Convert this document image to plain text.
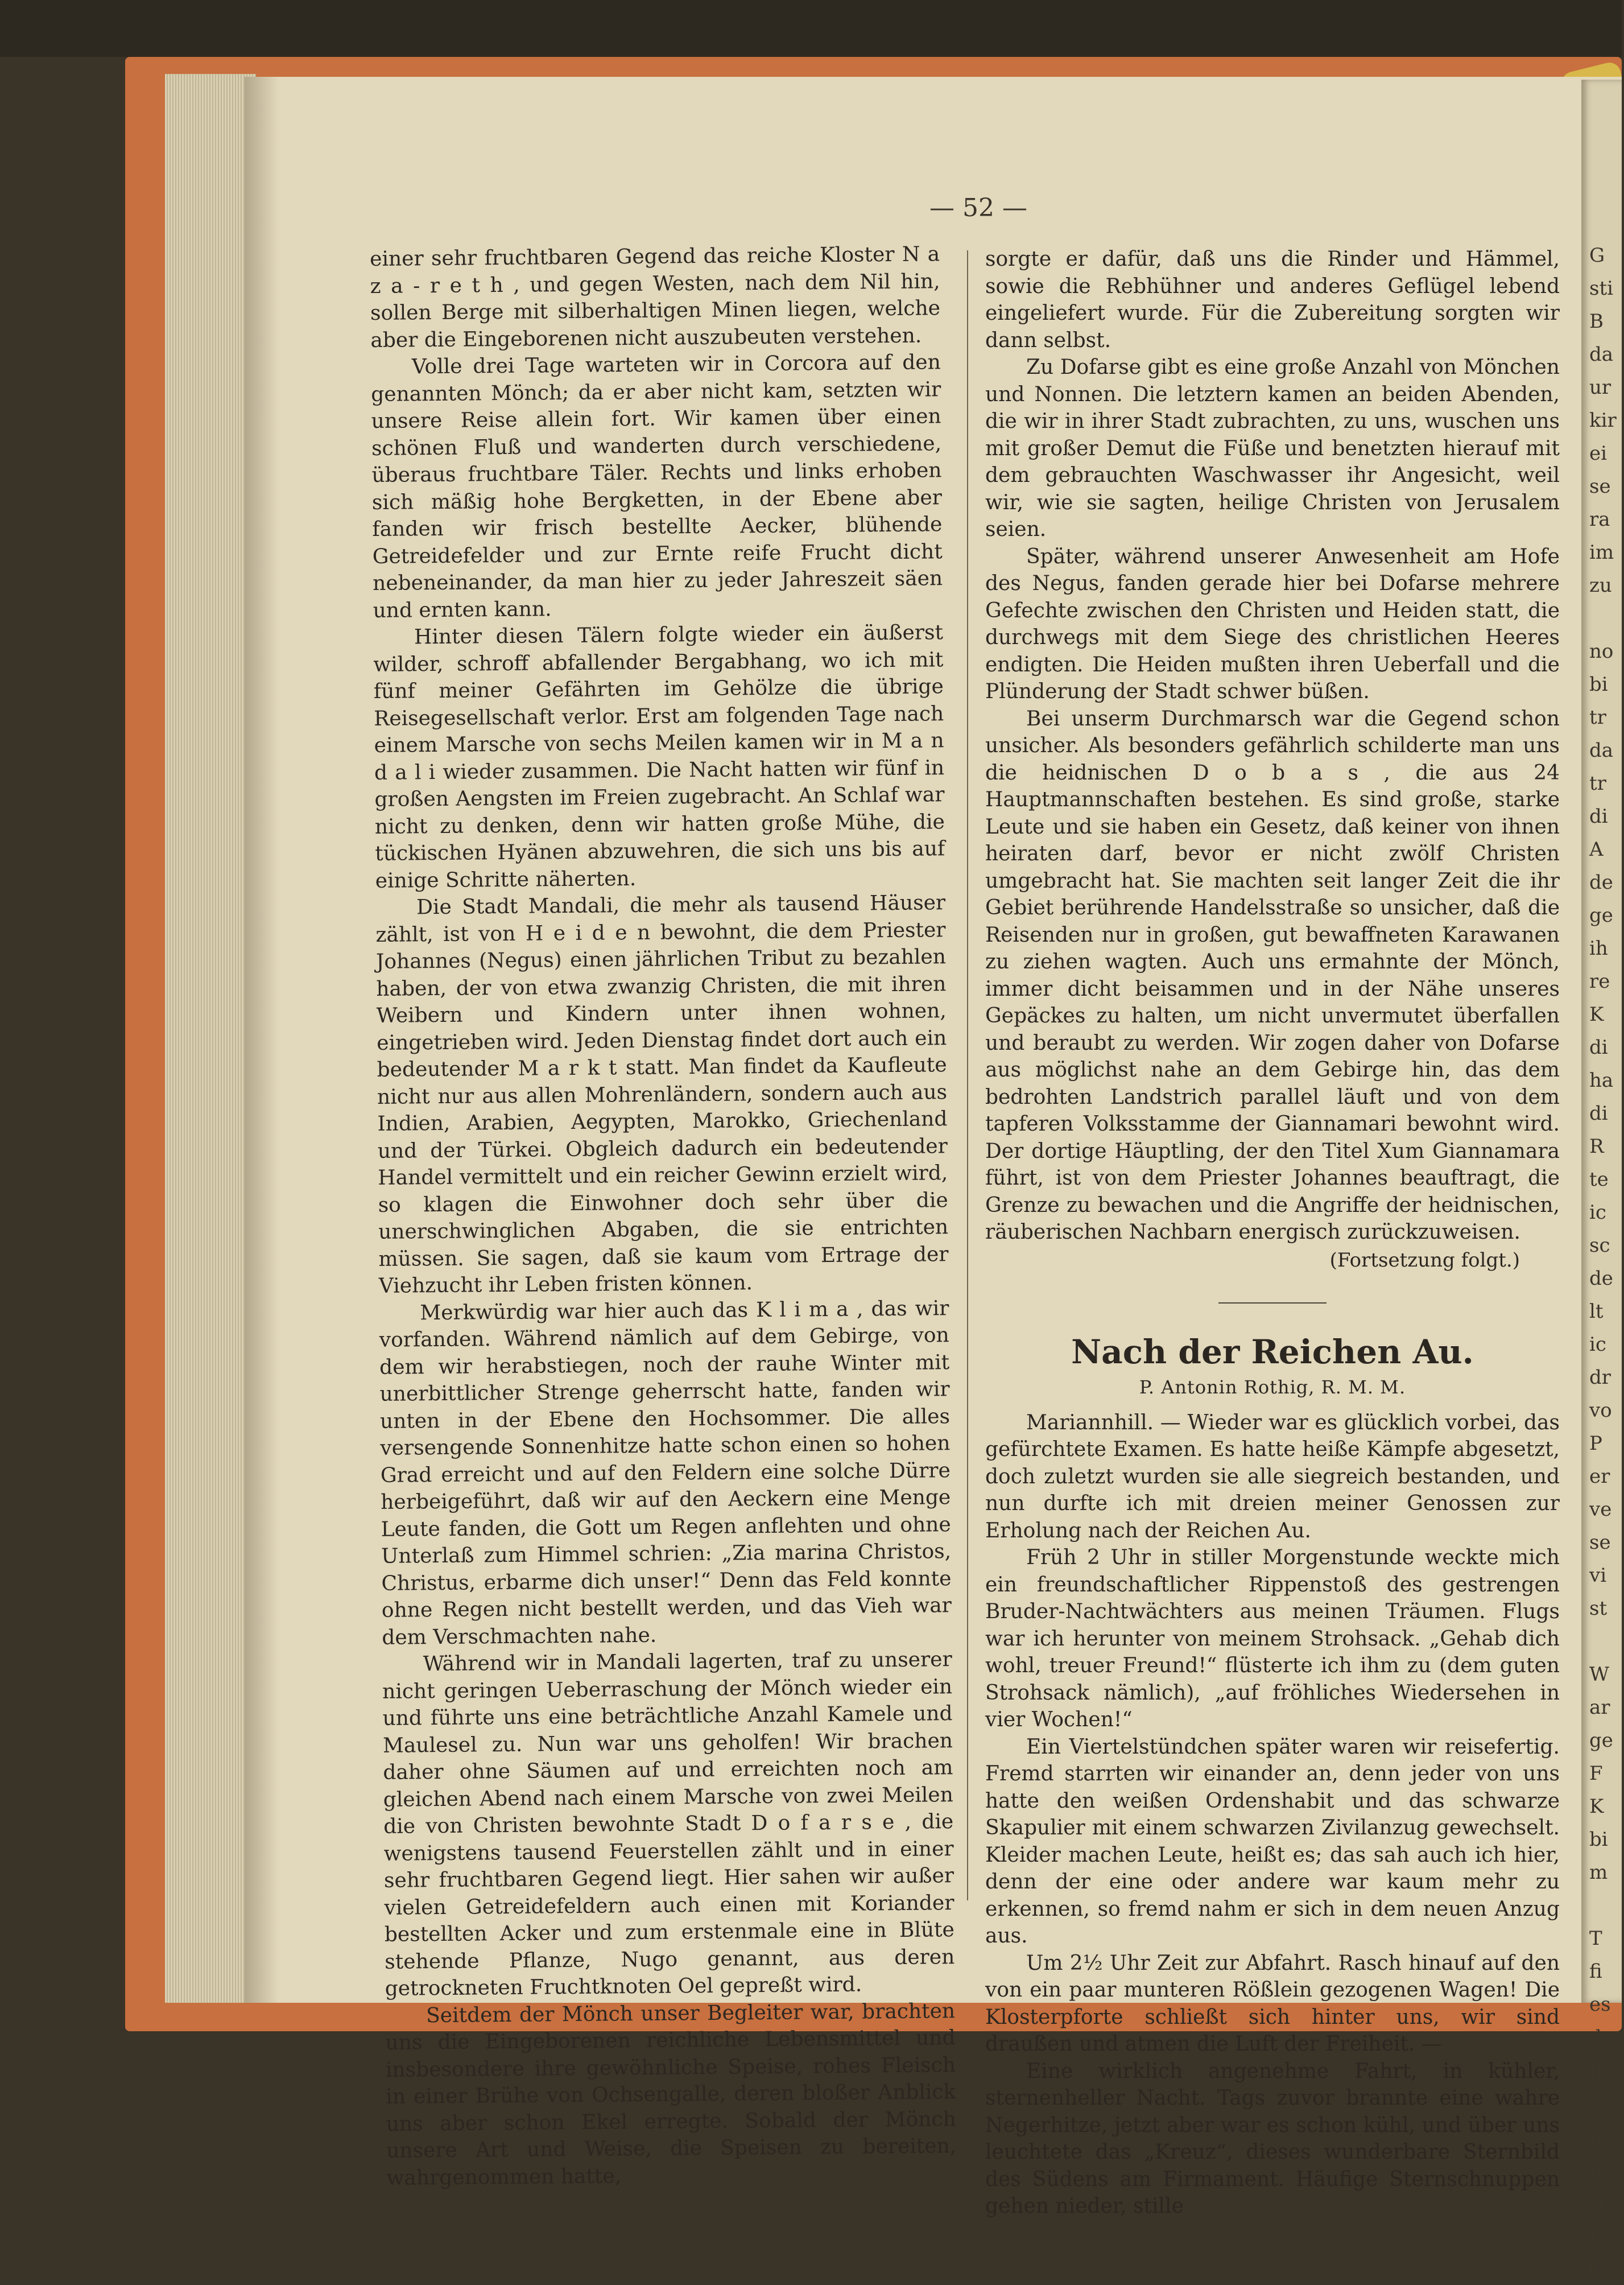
G
sti
B
da
ur
kir
ei
se
ra
im
zu

no
bi
tr
da
tr
di
A
de
ge
ih
re
K
di
ha
di
R
te
ic
sc
de
lt
ic
dr
vo
P
er
ve
se
vi
st

W
ar
ge
F
K
bi
m

T
fi
es
d
fi
se
u
p
G
F
d
— 52 —

einer sehr fruchtbaren Gegend das reiche Kloster N a z a - r e t h , und gegen Westen, nach dem Nil hin, sollen Berge mit silberhaltigen Minen liegen, welche aber die Eingeborenen nicht auszubeuten verstehen.

Volle drei Tage warteten wir in Corcora auf den genannten Mönch; da er aber nicht kam, setzten wir unsere Reise allein fort. Wir kamen über einen schönen Fluß und wanderten durch verschiedene, überaus fruchtbare Täler. Rechts und links erhoben sich mäßig hohe Bergketten, in der Ebene aber fanden wir frisch bestellte Aecker, blühende Getreidefelder und zur Ernte reife Frucht dicht nebeneinander, da man hier zu jeder Jahreszeit säen und ernten kann.

Hinter diesen Tälern folgte wieder ein äußerst wilder, schroff abfallender Bergabhang, wo ich mit fünf meiner Gefährten im Gehölze die übrige Reisegesellschaft verlor. Erst am folgenden Tage nach einem Marsche von sechs Meilen kamen wir in M a n d a l i wieder zusammen. Die Nacht hatten wir fünf in großen Aengsten im Freien zugebracht. An Schlaf war nicht zu denken, denn wir hatten große Mühe, die tückischen Hyänen abzuwehren, die sich uns bis auf einige Schritte näherten.

Die Stadt Mandali, die mehr als tausend Häuser zählt, ist von H e i d e n bewohnt, die dem Priester Johannes (Negus) einen jährlichen Tribut zu bezahlen haben, der von etwa zwanzig Christen, die mit ihren Weibern und Kindern unter ihnen wohnen, eingetrieben wird. Jeden Dienstag findet dort auch ein bedeutender M a r k t statt. Man findet da Kaufleute nicht nur aus allen Mohrenländern, sondern auch aus Indien, Arabien, Aegypten, Marokko, Griechenland und der Türkei. Obgleich dadurch ein bedeutender Handel vermittelt und ein reicher Gewinn erzielt wird, so klagen die Einwohner doch sehr über die unerschwinglichen Abgaben, die sie entrichten müssen. Sie sagen, daß sie kaum vom Ertrage der Viehzucht ihr Leben fristen können.

Merkwürdig war hier auch das K l i m a , das wir vorfanden. Während nämlich auf dem Gebirge, von dem wir herabstiegen, noch der rauhe Winter mit unerbittlicher Strenge geherrscht hatte, fanden wir unten in der Ebene den Hochsommer. Die alles versengende Sonnenhitze hatte schon einen so hohen Grad erreicht und auf den Feldern eine solche Dürre herbeigeführt, daß wir auf den Aeckern eine Menge Leute fanden, die Gott um Regen anflehten und ohne Unterlaß zum Himmel schrien: „Zia marina Christos, Christus, erbarme dich unser!“ Denn das Feld konnte ohne Regen nicht bestellt werden, und das Vieh war dem Verschmachten nahe.

Während wir in Mandali lagerten, traf zu unserer nicht geringen Ueberraschung der Mönch wieder ein und führte uns eine beträchtliche Anzahl Kamele und Maulesel zu. Nun war uns geholfen! Wir brachen daher ohne Säumen auf und erreichten noch am gleichen Abend nach einem Marsche von zwei Meilen die von Christen bewohnte Stadt D o f a r s e , die wenigstens tausend Feuerstellen zählt und in einer sehr fruchtbaren Gegend liegt. Hier sahen wir außer vielen Getreidefeldern auch einen mit Koriander bestellten Acker und zum erstenmale eine in Blüte stehende Pflanze, Nugo genannt, aus deren getrockneten Fruchtknoten Oel gepreßt wird.

Seitdem der Mönch unser Begleiter war, brachten uns die Eingeborenen reichliche Lebensmittel und insbesondere ihre gewöhnliche Speise, rohes Fleisch in einer Brühe von Ochsengalle, deren bloßer Anblick uns aber schon Ekel erregte. Sobald der Mönch unsere Art und Weise, die Speisen zu bereiten, wahrgenommen hatte,

sorgte er dafür, daß uns die Rinder und Hämmel, sowie die Rebhühner und anderes Geflügel lebend eingeliefert wurde. Für die Zubereitung sorgten wir dann selbst.

Zu Dofarse gibt es eine große Anzahl von Mönchen und Nonnen. Die letztern kamen an beiden Abenden, die wir in ihrer Stadt zubrachten, zu uns, wuschen uns mit großer Demut die Füße und benetzten hierauf mit dem gebrauchten Waschwasser ihr Angesicht, weil wir, wie sie sagten, heilige Christen von Jerusalem seien.

Später, während unserer Anwesenheit am Hofe des Negus, fanden gerade hier bei Dofarse mehrere Gefechte zwischen den Christen und Heiden statt, die durchwegs mit dem Siege des christlichen Heeres endigten. Die Heiden mußten ihren Ueberfall und die Plünderung der Stadt schwer büßen.

Bei unserm Durchmarsch war die Gegend schon unsicher. Als besonders gefährlich schilderte man uns die heidnischen D o b a s , die aus 24 Hauptmannschaften bestehen. Es sind große, starke Leute und sie haben ein Gesetz, daß keiner von ihnen heiraten darf, bevor er nicht zwölf Christen umgebracht hat. Sie machten seit langer Zeit die ihr Gebiet berührende Handelsstraße so unsicher, daß die Reisenden nur in großen, gut bewaffneten Karawanen zu ziehen wagten. Auch uns ermahnte der Mönch, immer dicht beisammen und in der Nähe unseres Gepäckes zu halten, um nicht unvermutet überfallen und beraubt zu werden. Wir zogen daher von Dofarse aus möglichst nahe an dem Gebirge hin, das dem bedrohten Landstrich parallel läuft und von dem tapferen Volksstamme der Giannamari bewohnt wird. Der dortige Häuptling, der den Titel Xum Giannamara führt, ist von dem Priester Johannes beauftragt, die Grenze zu bewachen und die Angriffe der heidnischen, räuberischen Nachbarn energisch zurückzuweisen.

(Fortsetzung folgt.)

Nach der Reichen Au.
P. Antonin Rothig, R. M. M.

Mariannhill. — Wieder war es glücklich vorbei, das gefürchtete Examen. Es hatte heiße Kämpfe abgesetzt, doch zuletzt wurden sie alle siegreich bestanden, und nun durfte ich mit dreien meiner Genossen zur Erholung nach der Reichen Au.

Früh 2 Uhr in stiller Morgenstunde weckte mich ein freundschaftlicher Rippenstoß des gestrengen Bruder-Nachtwächters aus meinen Träumen. Flugs war ich herunter von meinem Strohsack. „Gehab dich wohl, treuer Freund!“ flüsterte ich ihm zu (dem guten Strohsack nämlich), „auf fröhliches Wiedersehen in vier Wochen!“

Ein Viertelstündchen später waren wir reisefertig. Fremd starrten wir einander an, denn jeder von uns hatte den weißen Ordenshabit und das schwarze Skapulier mit einem schwarzen Zivilanzug gewechselt. Kleider machen Leute, heißt es; das sah auch ich hier, denn der eine oder andere war kaum mehr zu erkennen, so fremd nahm er sich in dem neuen Anzug aus.

Um 2½ Uhr Zeit zur Abfahrt. Rasch hinauf auf den von ein paar munteren Rößlein gezogenen Wagen! Die Klosterpforte schließt sich hinter uns, wir sind draußen und atmen die Luft der Freiheit. —

Eine wirklich angenehme Fahrt, in kühler, sternenheller Nacht. Tags zuvor brannte eine wahre Negerhitze, jetzt aber war es schon kühl, und über uns leuchtete das „Kreuz“, dieses wunderbare Sternbild des Südens am Firmament. Häufige Sternschnuppen gehen nieder, stille
